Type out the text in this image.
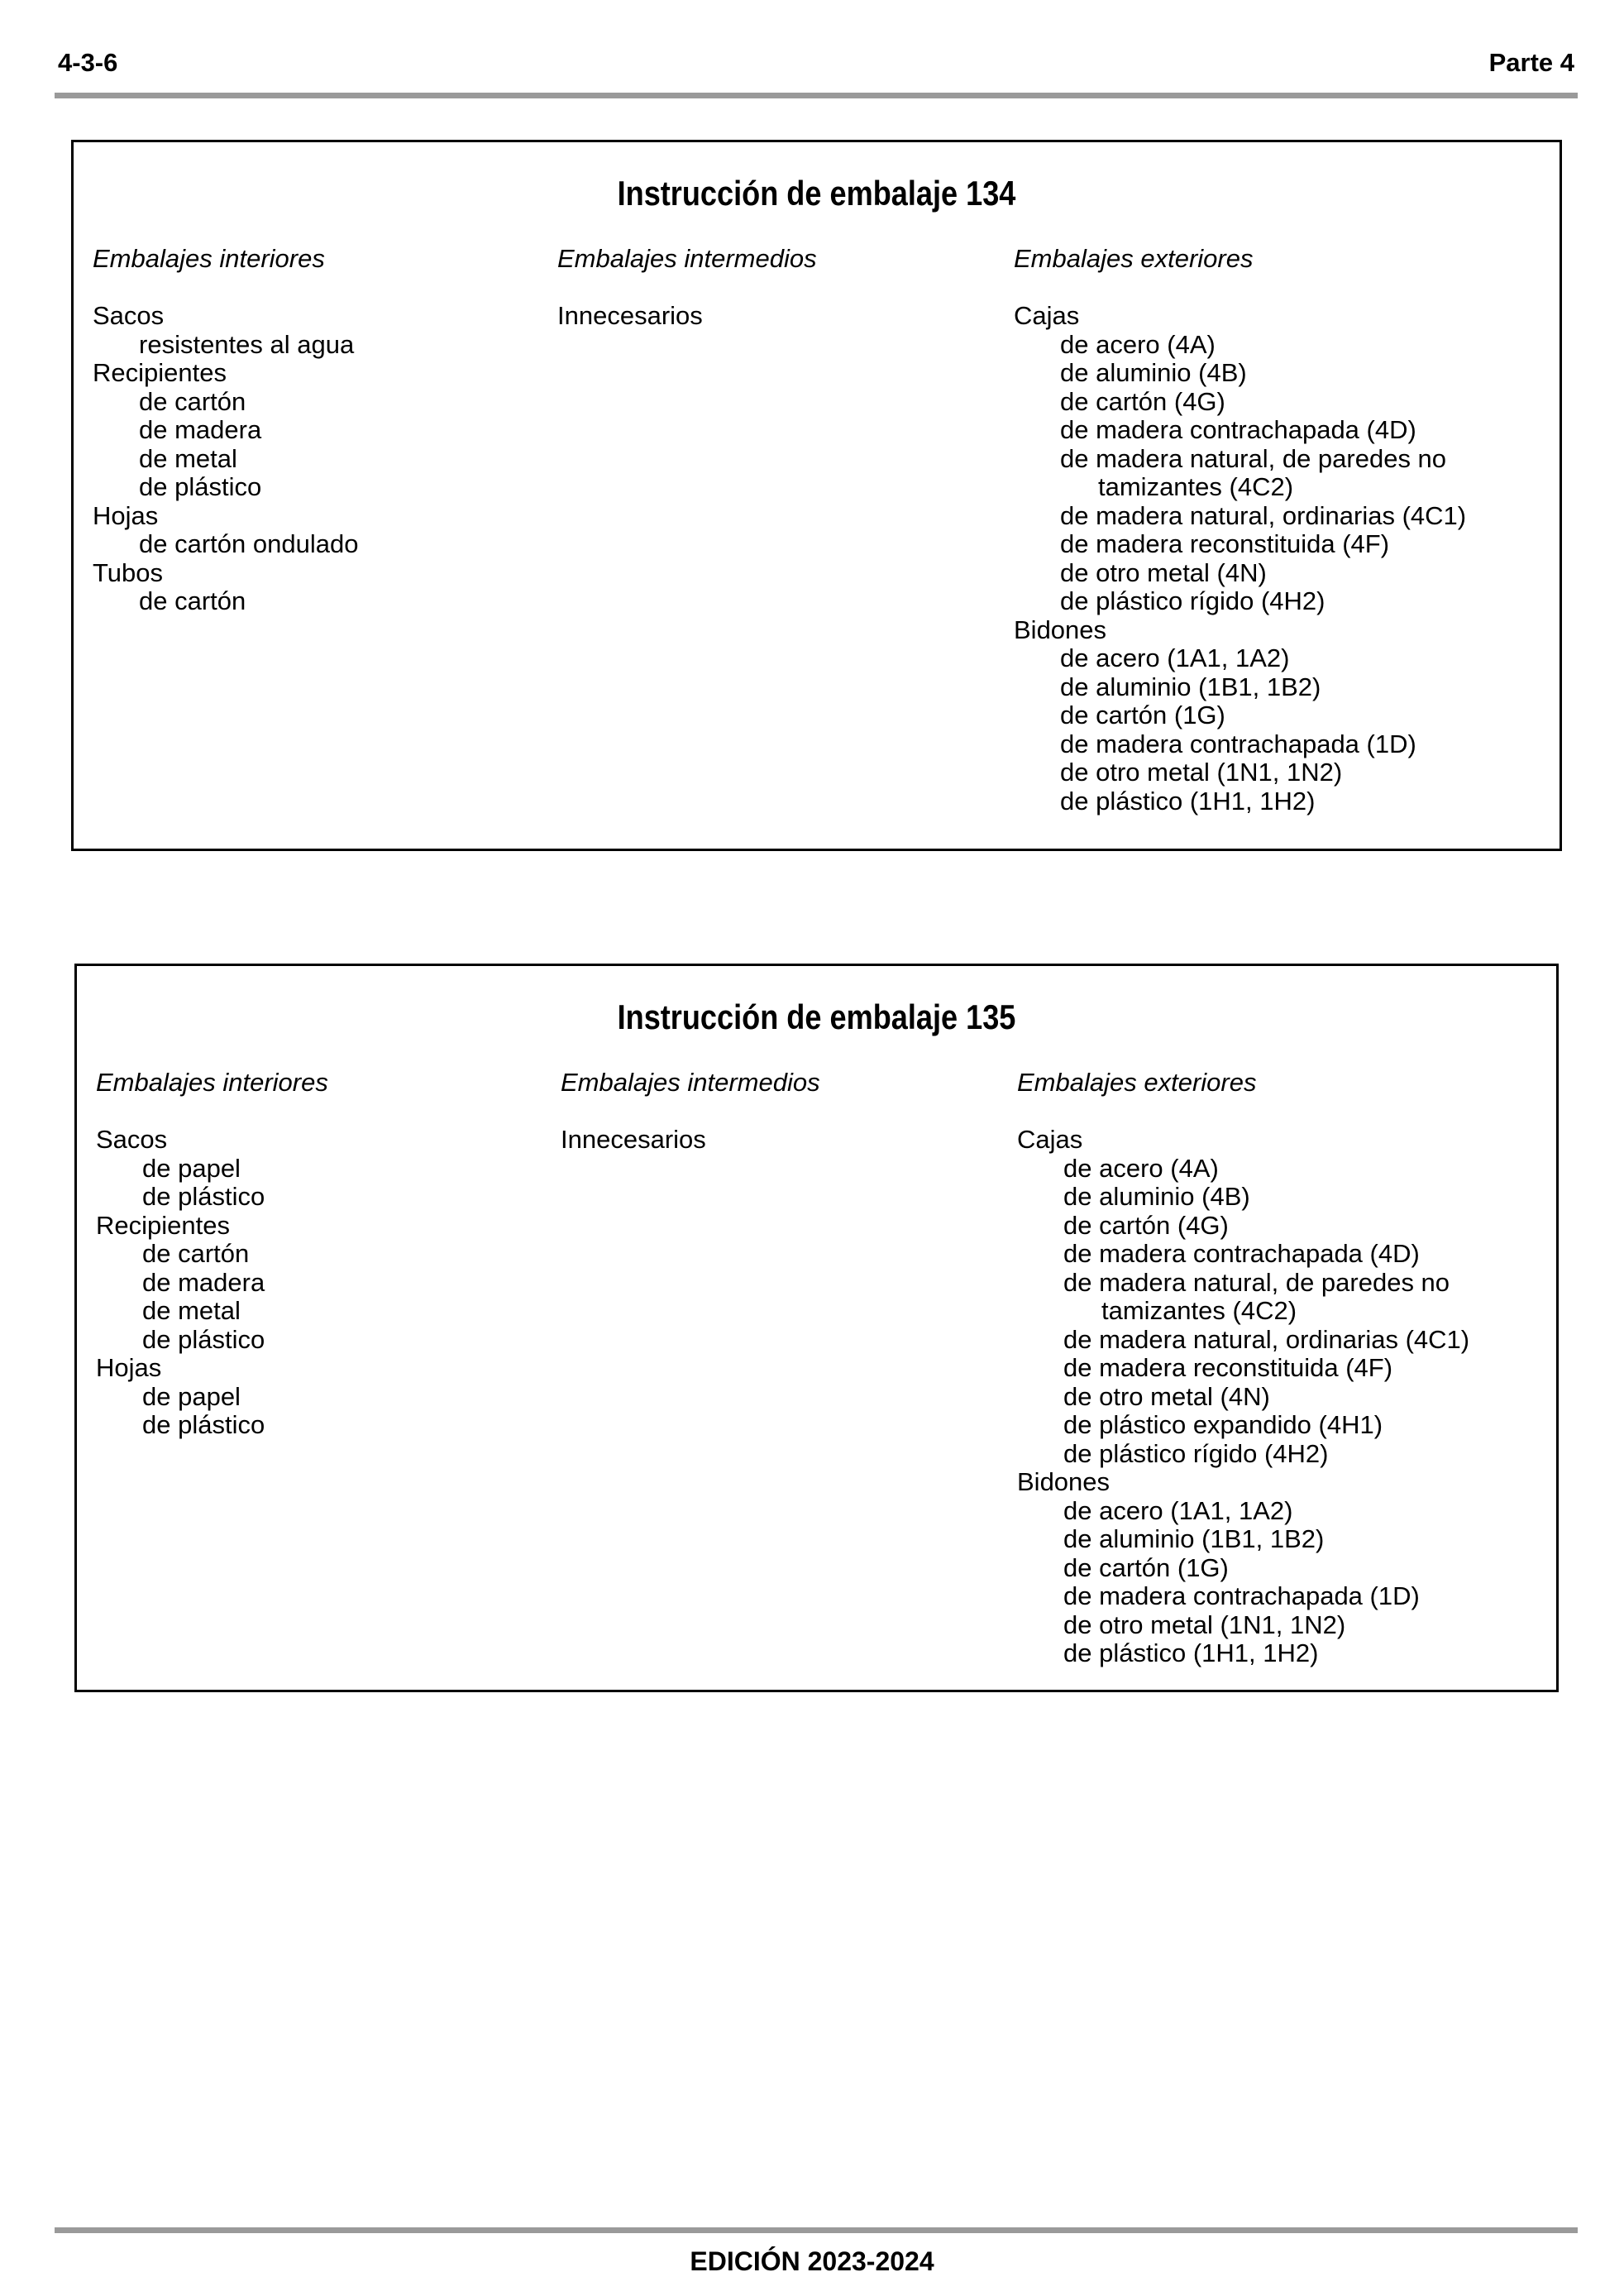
4-3-6	Parte 4
Instrucción de embalaje 134
Embalajes interiores
Sacos
resistentes al agua
Recipientes
de cartón
de madera
de metal
de plástico
Hojas
de cartón ondulado
Tubos
de cartón
Embalajes intermedios
Innecesarios
Embalajes exteriores
Cajas
de acero (4A)
de aluminio (4B)
de cartón (4G)
de madera contrachapada (4D)
de madera natural, de paredes no
tamizantes (4C2)
de madera natural, ordinarias (4C1)
de madera reconstituida (4F)
de otro metal (4N)
de plástico rígido (4H2)
Bidones
de acero (1A1, 1A2)
de aluminio (1B1, 1B2)
de cartón (1G)
de madera contrachapada (1D)
de otro metal (1N1, 1N2)
de plástico (1H1, 1H2)
Instrucción de embalaje 135
Embalajes interiores
Sacos
de papel
de plástico
Recipientes
de cartón
de madera
de metal
de plástico
Hojas
de papel
de plástico
Embalajes intermedios
Innecesarios
Embalajes exteriores
Cajas
de acero (4A)
de aluminio (4B)
de cartón (4G)
de madera contrachapada (4D)
de madera natural, de paredes no
tamizantes (4C2)
de madera natural, ordinarias (4C1)
de madera reconstituida (4F)
de otro metal (4N)
de plástico expandido (4H1)
de plástico rígido (4H2)
Bidones
de acero (1A1, 1A2)
de aluminio (1B1, 1B2)
de cartón (1G)
de madera contrachapada (1D)
de otro metal (1N1, 1N2)
de plástico (1H1, 1H2)
EDICIÓN 2023-2024
